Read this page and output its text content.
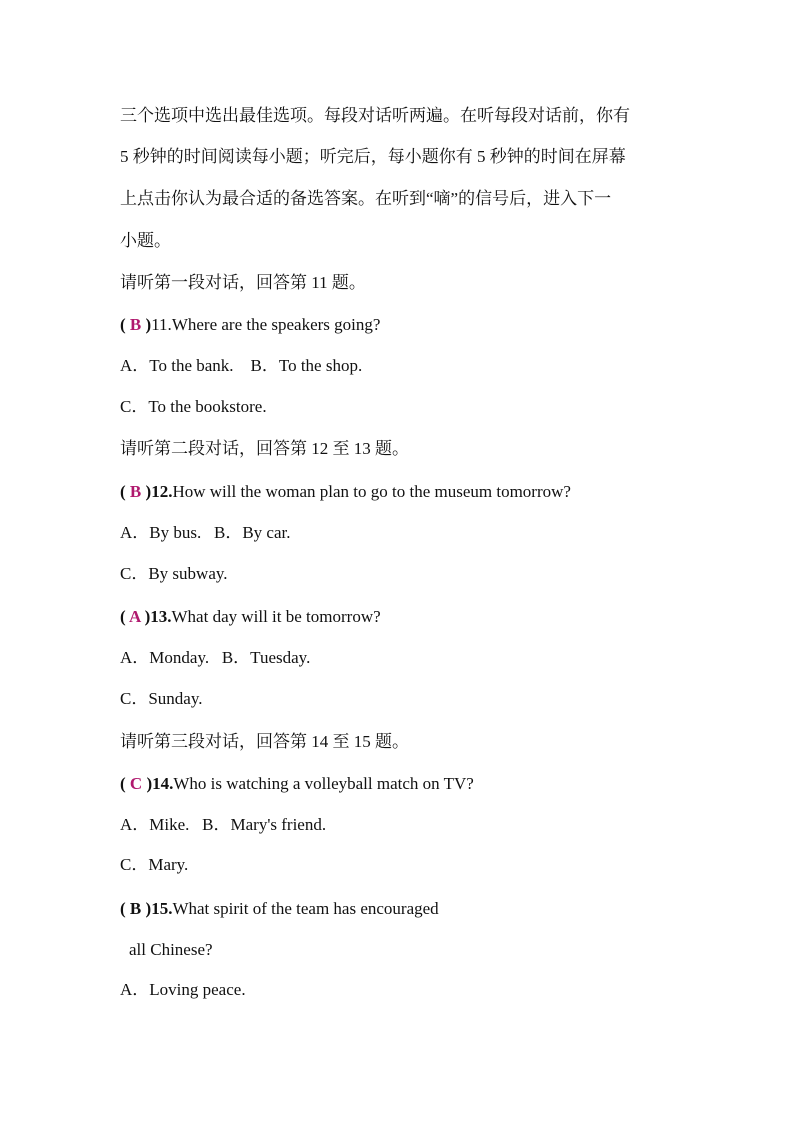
三个选项中选出最佳选项。每段对话听两遍。在听每段对话前，你有
5 秒钟的时间阅读每小题；听完后，每小题你有 5 秒钟的时间在屏幕
上点击你认为最合适的备选答案。在听到“嘀”的信号后，进入下一
小题。
请听第一段对话，回答第 11 题。
( B )11.Where are the speakers going?
A．To the bank. B．To the shop.
C．To the bookstore.
请听第二段对话，回答第 12 至 13 题。
( B )12.How will the woman plan to go to the museum tomorrow?
A．By bus. B．By car.
C．By subway.
( A )13.What day will it be tomorrow?
A．Monday. B．Tuesday.
C．Sunday.
请听第三段对话，回答第 14 至 15 题。
( C )14.Who is watching a volleyball match on TV?
A．Mike. B．Mary's friend.
C．Mary.
( B )15.What spirit of the team has encouraged
all Chinese?
A．Loving peace.
